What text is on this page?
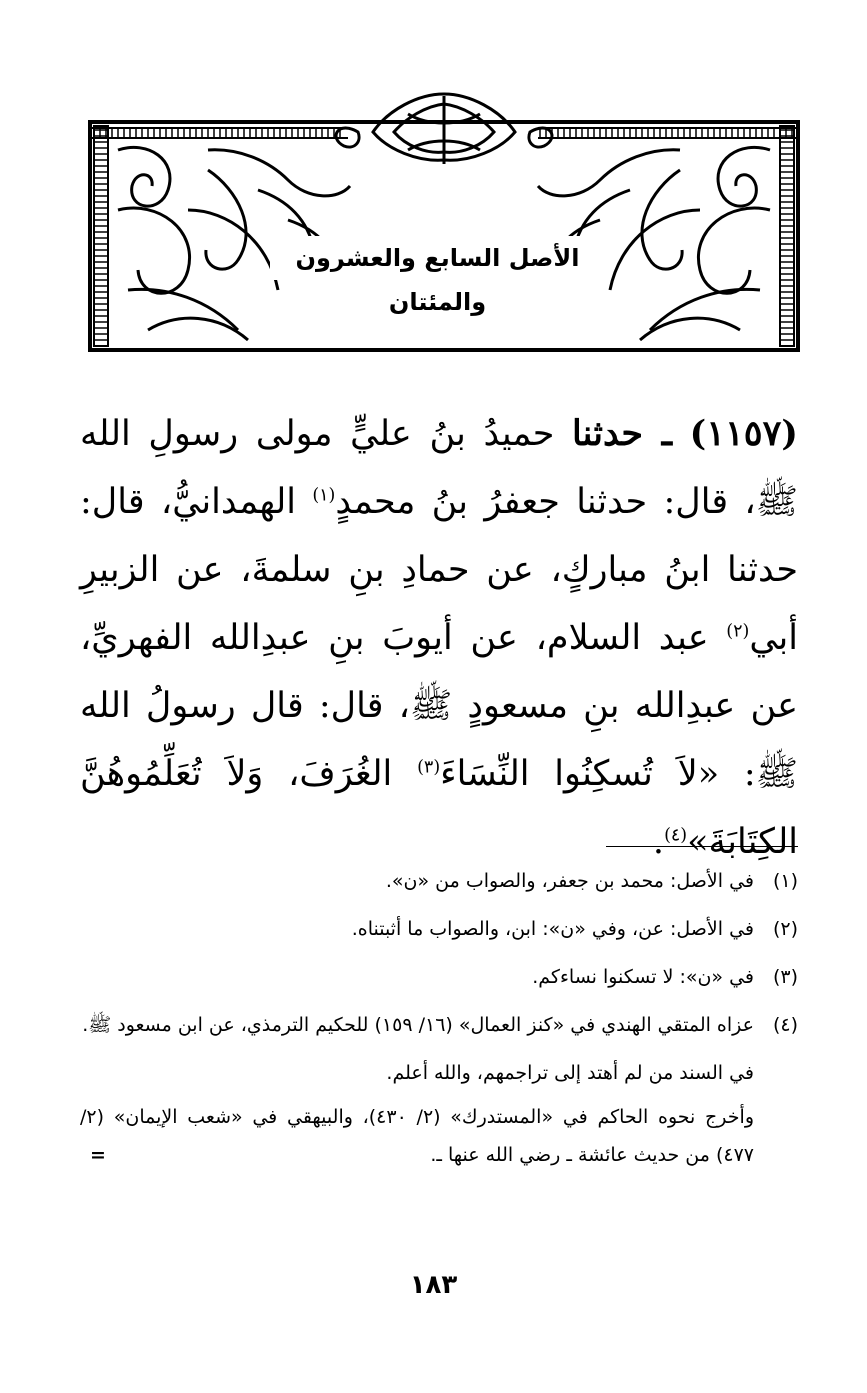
الأصل السابع والعشرون والمئتان
(١١٥٧) ـ حدثنا حميدُ بنُ عليٍّ مولى رسولِ الله ﷺ، قال: حدثنا جعفرُ بنُ محمدٍ$^{(١)}$ الهمدانيُّ، قال: حدثنا ابنُ مباركٍ، عن حمادِ بنِ سلمةَ، عن الزبيرِ أبي$^{(٢)}$ عبد السلام، عن أيوبَ بنِ عبدِالله الفهريِّ، عن عبدِالله بنِ مسعودٍ ﷺ، قال: قال رسولُ الله ﷺ: «لاَ تُسكِنُوا النِّسَاءَ$^{(٣)}$ الغُرَفَ، وَلاَ تُعَلِّمُوهُنَّ الكِتَابَةَ»$^{(٤)}$.
(١)
في الأصل: محمد بن جعفر، والصواب من «ن».
(٢)
في الأصل: عن، وفي «ن»: ابن، والصواب ما أثبتناه.
(٣)
في «ن»: لا تسكنوا نساءكم.
(٤)
عزاه المتقي الهندي في «كنز العمال» (١٦/ ١٥٩) للحكيم الترمذي، عن ابن مسعود ﷺ.
في السند من لم أهتد إلى تراجمهم، والله أعلم.
وأخرج نحوه الحاكم في «المستدرك» (٢/ ٤٣٠)، والبيهقي في «شعب الإيمان» (٢/ ٤٧٧) من حديث عائشة ـ رضي الله عنها ـ.
=
١٨٣
